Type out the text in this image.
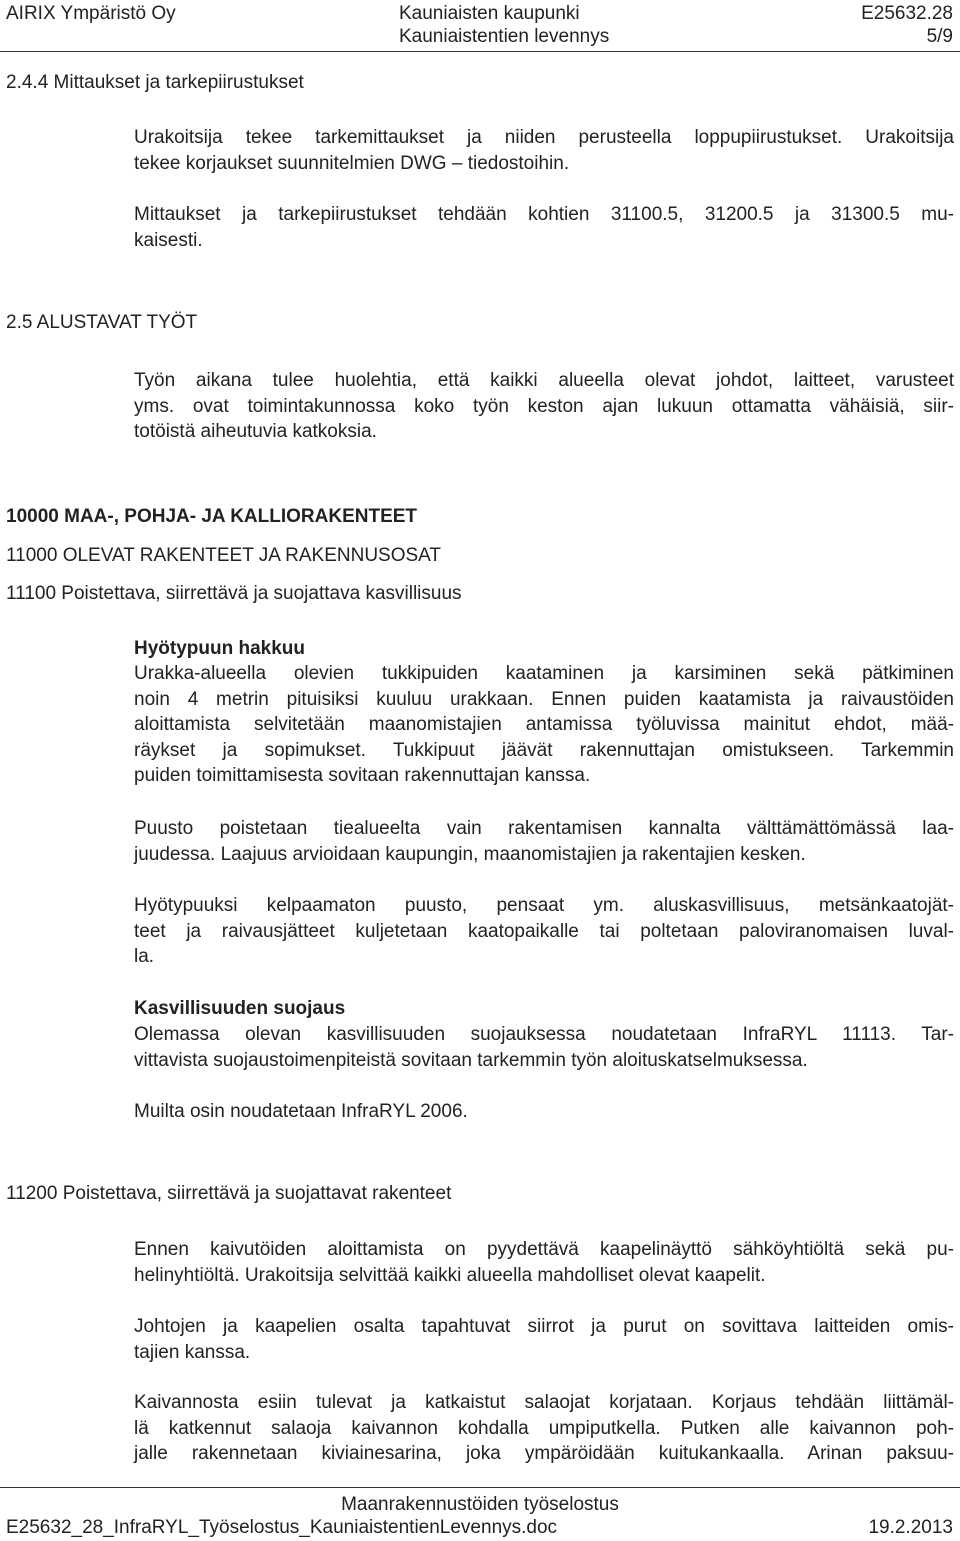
AIRIX Ympäristö Oy	Kauniaisten kaupunki
Kauniaistentien levennys
E25632.28
5/9
2.4.4 Mittaukset ja tarkepiirustukset
Urakoitsija tekee tarkemittaukset ja niiden perusteella loppupiirustukset. Urakoitsija
tekee korjaukset suunnitelmien DWG – tiedostoihin.
Mittaukset ja tarkepiirustukset tehdään kohtien 31100.5, 31200.5 ja 31300.5 mu-
kaisesti.
2.5 ALUSTAVAT TYÖT
Työn aikana tulee huolehtia, että kaikki alueella olevat johdot, laitteet, varusteet
yms. ovat toimintakunnossa koko työn keston ajan lukuun ottamatta vähäisiä, siir-
totöistä aiheutuvia katkoksia.
10000 MAA-, POHJA- JA KALLIORAKENTEET
11000 OLEVAT RAKENTEET JA RAKENNUSOSAT
11100 Poistettava, siirrettävä ja suojattava kasvillisuus
Hyötypuun hakkuu
Urakka-alueella olevien tukkipuiden kaataminen ja karsiminen sekä pätkiminen
noin 4 metrin pituisiksi kuuluu urakkaan. Ennen puiden kaatamista ja raivaustöiden
aloittamista selvitetään maanomistajien antamissa työluvissa mainitut ehdot, mää-
räykset ja sopimukset. Tukkipuut jäävät rakennuttajan omistukseen. Tarkemmin
puiden toimittamisesta sovitaan rakennuttajan kanssa.
Puusto poistetaan tiealueelta vain rakentamisen kannalta välttämättömässä laa-
juudessa. Laajuus arvioidaan kaupungin, maanomistajien ja rakentajien kesken.
Hyötypuuksi kelpaamaton puusto, pensaat ym. aluskasvillisuus, metsänkaatojät-
teet ja raivausjätteet kuljetetaan kaatopaikalle tai poltetaan paloviranomaisen luval-
la.
Kasvillisuuden suojaus
Olemassa olevan kasvillisuuden suojauksessa noudatetaan InfraRYL 11113. Tar-
vittavista suojaustoimenpiteistä sovitaan tarkemmin työn aloituskatselmuksessa.
Muilta osin noudatetaan InfraRYL 2006.
11200 Poistettava, siirrettävä ja suojattavat rakenteet
Ennen kaivutöiden aloittamista on pyydettävä kaapelinäyttö sähköyhtiöltä sekä pu-
helinyhtiöltä. Urakoitsija selvittää kaikki alueella mahdolliset olevat kaapelit.
Johtojen ja kaapelien osalta tapahtuvat siirrot ja purut on sovittava laitteiden omis-
tajien kanssa.
Kaivannosta esiin tulevat ja katkaistut salaojat korjataan. Korjaus tehdään liittämäl-
lä katkennut salaoja kaivannon kohdalla umpiputkella. Putken alle kaivannon poh-
jalle rakennetaan kiviainesarina, joka ympäröidään kuitukankaalla. Arinan paksuu-
Maanrakennustöiden työselostus
E25632_28_InfraRYL_Työselostus_KauniaistentienLevennys.doc	19.2.2013
